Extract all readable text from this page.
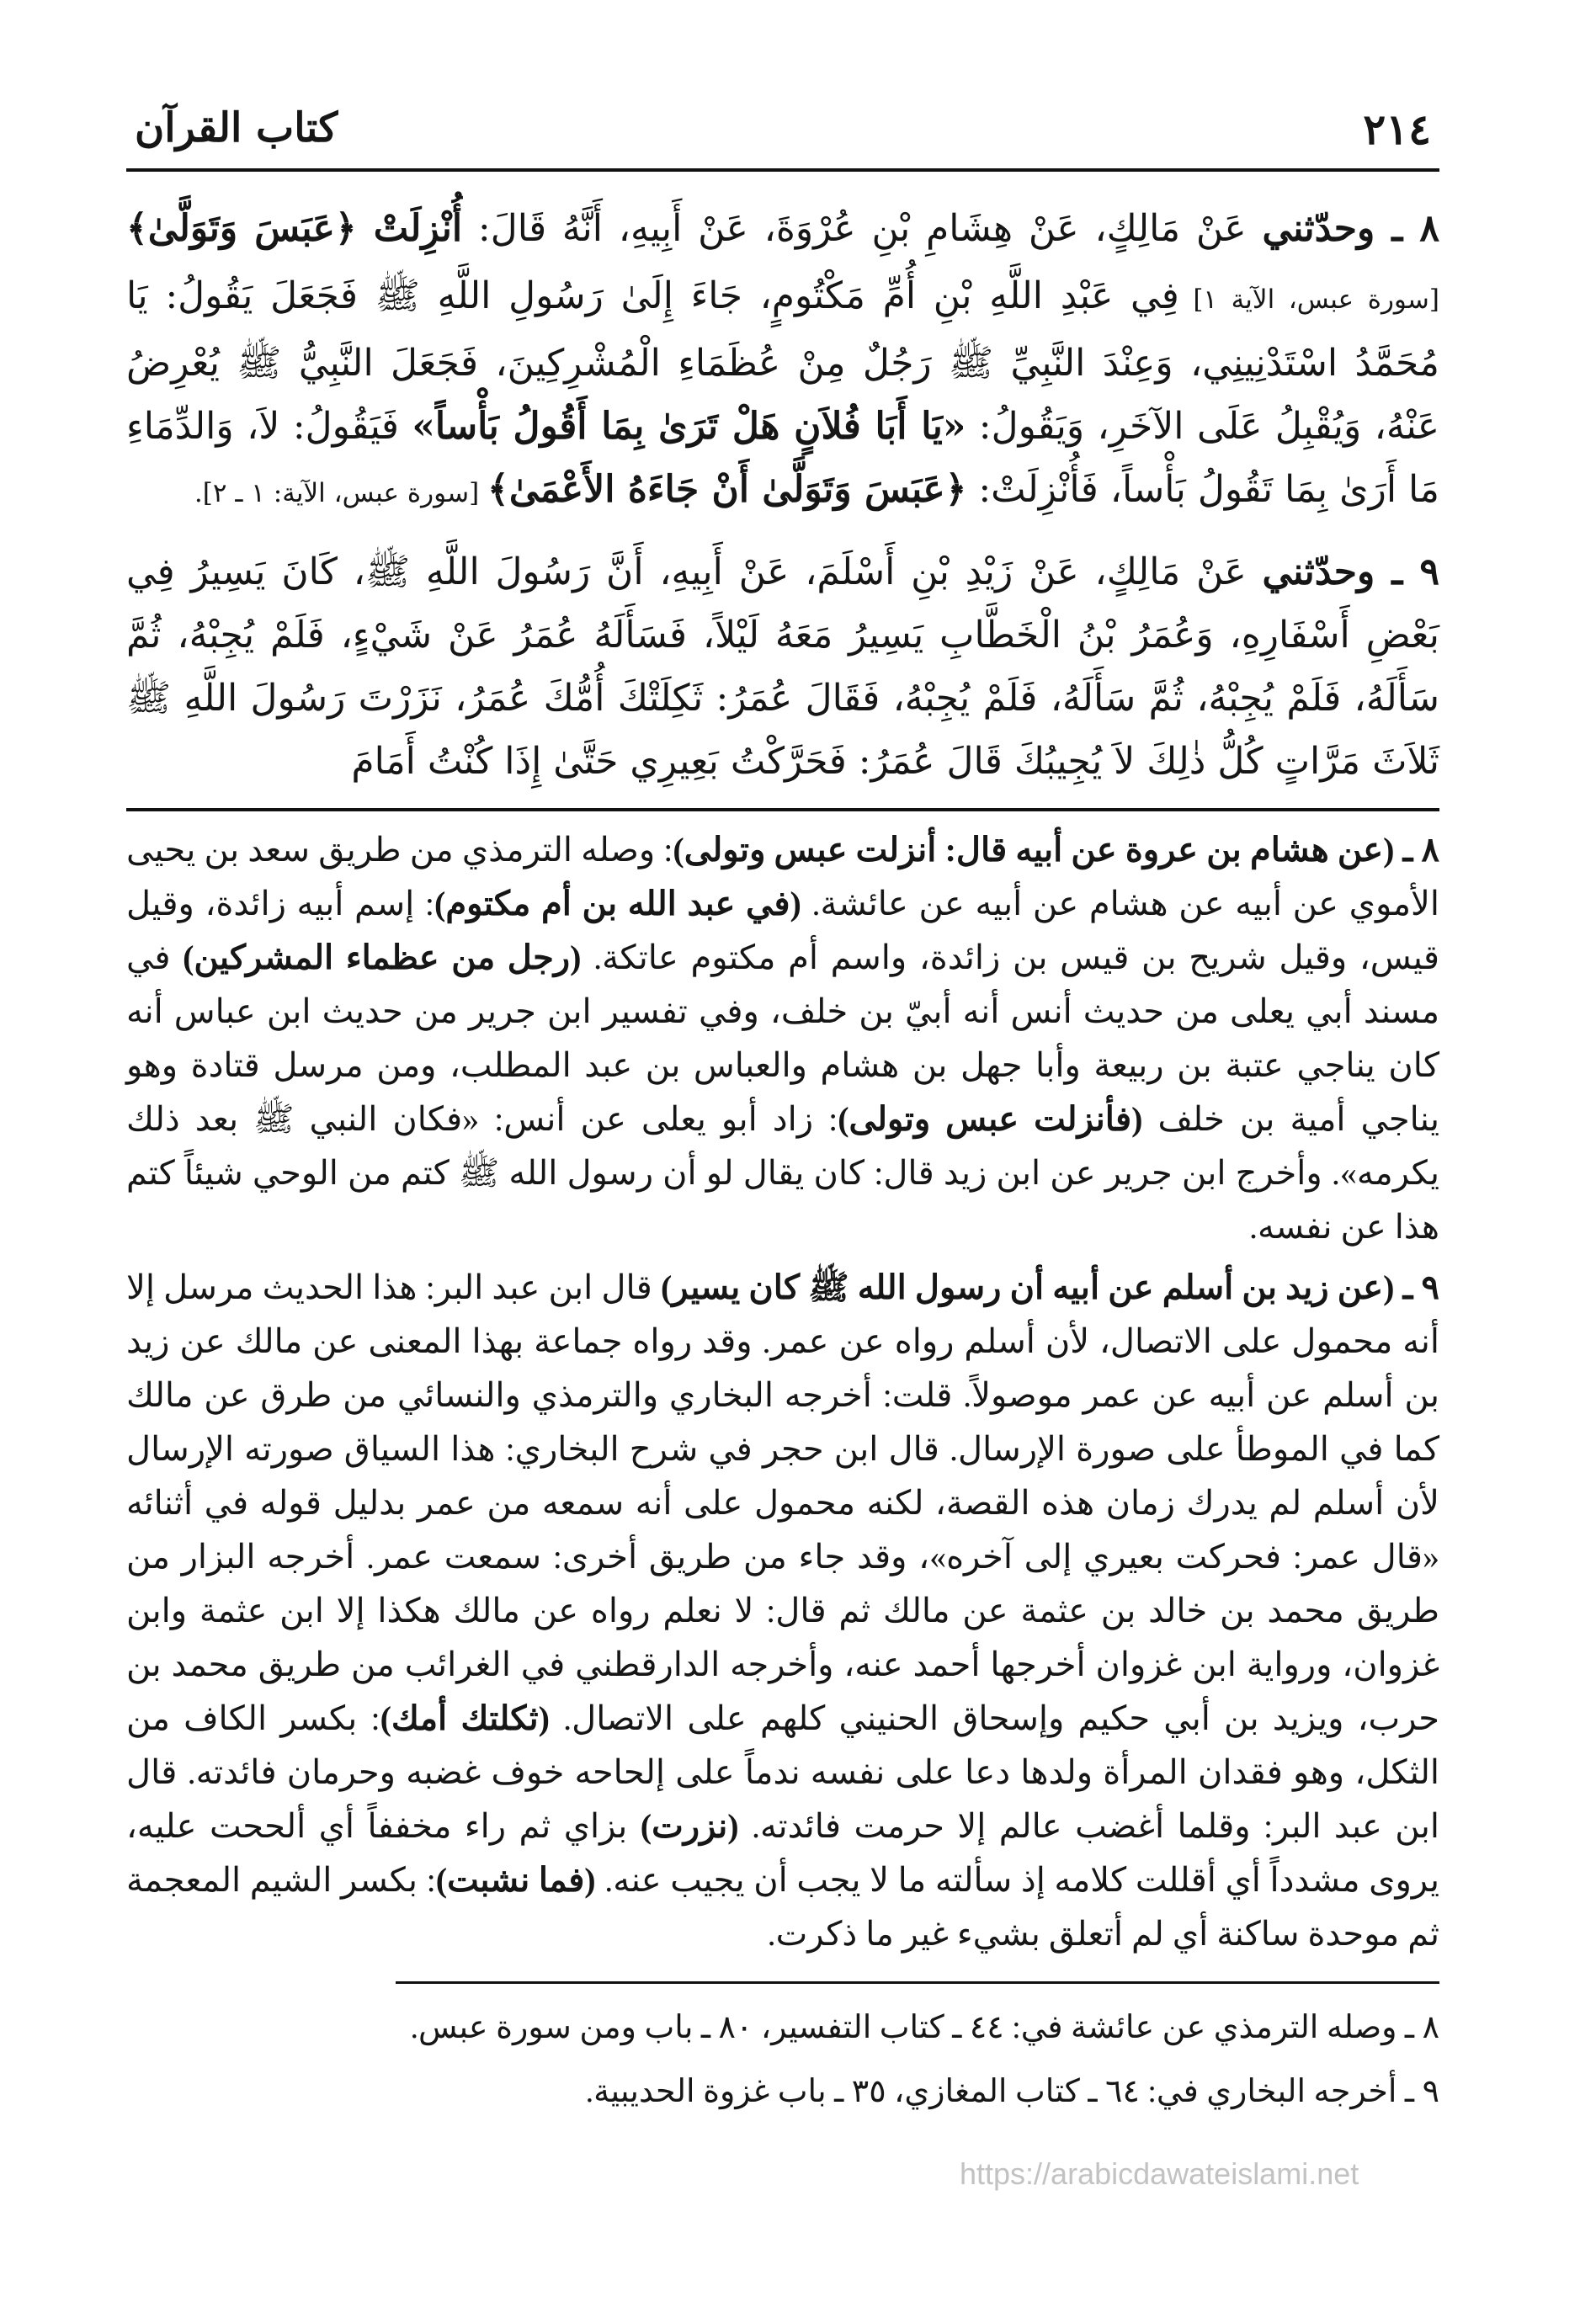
٢١٤
كتاب القرآن

٨ ـ وحدّثني عَنْ مَالِكٍ، عَنْ هِشَامِ بْنِ عُرْوَةَ، عَنْ أَبِيهِ، أَنَّهُ قَالَ: أُنْزِلَتْ ﴿عَبَسَ وَتَوَلَّىٰ﴾ [سورة عبس، الآية ١] فِي عَبْدِ اللَّهِ بْنِ أُمِّ مَكْتُومٍ، جَاءَ إِلَىٰ رَسُولِ اللَّهِ ﷺ فَجَعَلَ يَقُولُ: يَا مُحَمَّدُ اسْتَدْنِينِي، وَعِنْدَ النَّبِيِّ ﷺ رَجُلٌ مِنْ عُظَمَاءِ الْمُشْرِكِينَ، فَجَعَلَ النَّبِيُّ ﷺ يُعْرِضُ عَنْهُ، وَيُقْبِلُ عَلَى الآخَرِ، وَيَقُولُ: «يَا أَبَا فُلاَنٍ هَلْ تَرَىٰ بِمَا أَقُولُ بَأْساً» فَيَقُولُ: لاَ، وَالدِّمَاءِ مَا أَرَىٰ بِمَا تَقُولُ بَأْساً، فَأُنْزِلَتْ: ﴿عَبَسَ وَتَوَلَّىٰ أَنْ جَاءَهُ الأَعْمَىٰ﴾ [سورة عبس، الآية: ١ ـ ٢].

٩ ـ وحدّثني عَنْ مَالِكٍ، عَنْ زَيْدِ بْنِ أَسْلَمَ، عَنْ أَبِيهِ، أَنَّ رَسُولَ اللَّهِ ﷺ، كَانَ يَسِيرُ فِي بَعْضِ أَسْفَارِهِ، وَعُمَرُ بْنُ الْخَطَّابِ يَسِيرُ مَعَهُ لَيْلاً، فَسَأَلَهُ عُمَرُ عَنْ شَيْءٍ، فَلَمْ يُجِبْهُ، ثُمَّ سَأَلَهُ، فَلَمْ يُجِبْهُ، ثُمَّ سَأَلَهُ، فَلَمْ يُجِبْهُ، فَقَالَ عُمَرُ: ثَكِلَتْكَ أُمُّكَ عُمَرُ، نَزَرْتَ رَسُولَ اللَّهِ ﷺ ثَلاَثَ مَرَّاتٍ كُلُّ ذٰلِكَ لاَ يُجِيبُكَ قَالَ عُمَرُ: فَحَرَّكْتُ بَعِيرِي حَتَّىٰ إِذَا كُنْتُ أَمَامَ

٨ ـ (عن هشام بن عروة عن أبيه قال: أنزلت عبس وتولى): وصله الترمذي من طريق سعد بن يحيى الأموي عن أبيه عن هشام عن أبيه عن عائشة. (في عبد الله بن أم مكتوم): إسم أبيه زائدة، وقيل قيس، وقيل شريح بن قيس بن زائدة، واسم أم مكتوم عاتكة. (رجل من عظماء المشركين) في مسند أبي يعلى من حديث أنس أنه أبيّ بن خلف، وفي تفسير ابن جرير من حديث ابن عباس أنه كان يناجي عتبة بن ربيعة وأبا جهل بن هشام والعباس بن عبد المطلب، ومن مرسل قتادة وهو يناجي أمية بن خلف (فأنزلت عبس وتولى): زاد أبو يعلى عن أنس: «فكان النبي ﷺ بعد ذلك يكرمه». وأخرج ابن جرير عن ابن زيد قال: كان يقال لو أن رسول الله ﷺ كتم من الوحي شيئاً كتم هذا عن نفسه.

٩ ـ (عن زيد بن أسلم عن أبيه أن رسول الله ﷺ كان يسير) قال ابن عبد البر: هذا الحديث مرسل إلا أنه محمول على الاتصال، لأن أسلم رواه عن عمر. وقد رواه جماعة بهذا المعنى عن مالك عن زيد بن أسلم عن أبيه عن عمر موصولاً. قلت: أخرجه البخاري والترمذي والنسائي من طرق عن مالك كما في الموطأ على صورة الإرسال. قال ابن حجر في شرح البخاري: هذا السياق صورته الإرسال لأن أسلم لم يدرك زمان هذه القصة، لكنه محمول على أنه سمعه من عمر بدليل قوله في أثنائه «قال عمر: فحركت بعيري إلى آخره»، وقد جاء من طريق أخرى: سمعت عمر. أخرجه البزار من طريق محمد بن خالد بن عثمة عن مالك ثم قال: لا نعلم رواه عن مالك هكذا إلا ابن عثمة وابن غزوان، ورواية ابن غزوان أخرجها أحمد عنه، وأخرجه الدارقطني في الغرائب من طريق محمد بن حرب، ويزيد بن أبي حكيم وإسحاق الحنيني كلهم على الاتصال. (ثكلتك أمك): بكسر الكاف من الثكل، وهو فقدان المرأة ولدها دعا على نفسه ندماً على إلحاحه خوف غضبه وحرمان فائدته. قال ابن عبد البر: وقلما أغضب عالم إلا حرمت فائدته. (نزرت) بزاي ثم راء مخففاً أي ألححت عليه، يروى مشدداً أي أقللت كلامه إذ سألته ما لا يجب أن يجيب عنه. (فما نشبت): بكسر الشيم المعجمة ثم موحدة ساكنة أي لم أتعلق بشيء غير ما ذكرت.

٨ ـ وصله الترمذي عن عائشة في: ٤٤ ـ كتاب التفسير، ٨٠ ـ باب ومن سورة عبس.

٩ ـ أخرجه البخاري في: ٦٤ ـ كتاب المغازي، ٣٥ ـ باب غزوة الحديبية.

https://arabicdawateislami.net
